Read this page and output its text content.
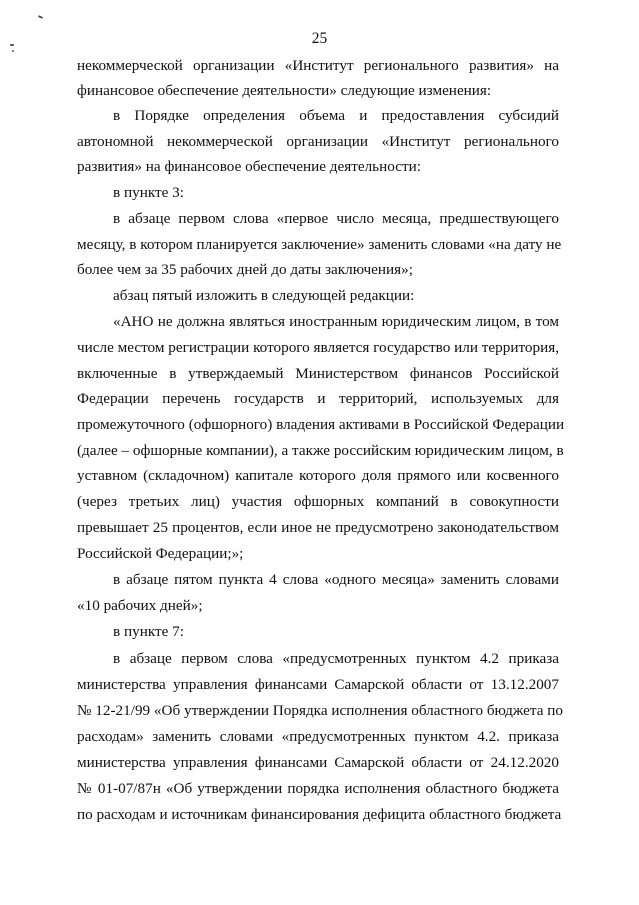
25
некоммерческой организации «Институт регионального развития» на
финансовое обеспечение деятельности» следующие изменения:
в Порядке определения объема и предоставления субсидий
автономной некоммерческой организации «Институт регионального
развития» на финансовое обеспечение деятельности:
в пункте 3:
в абзаце первом слова «первое число месяца, предшествующего
месяцу, в котором планируется заключение» заменить словами «на дату не
более чем за 35 рабочих дней до даты заключения»;
абзац пятый изложить в следующей редакции:
«АНО не должна являться иностранным юридическим лицом, в том
числе местом регистрации которого является государство или территория,
включенные в утверждаемый Министерством финансов Российской
Федерации перечень государств и территорий, используемых для
промежуточного (офшорного) владения активами в Российской Федерации
(далее – офшорные компании), а также российским юридическим лицом, в
уставном (складочном) капитале которого доля прямого или косвенного
(через третьих лиц) участия офшорных компаний в совокупности
превышает 25 процентов, если иное не предусмотрено законодательством
Российской Федерации;»;
в абзаце пятом пункта 4 слова «одного месяца» заменить словами
«10 рабочих дней»;
в пункте 7:
в абзаце первом слова «предусмотренных пунктом 4.2 приказа
министерства управления финансами Самарской области от 13.12.2007
№ 12-21/99 «Об утверждении Порядка исполнения областного бюджета по
расходам» заменить словами «предусмотренных пунктом 4.2. приказа
министерства управления финансами Самарской области от 24.12.2020
№ 01-07/87н «Об утверждении порядка исполнения областного бюджета
по расходам и источникам финансирования дефицита областного бюджета
